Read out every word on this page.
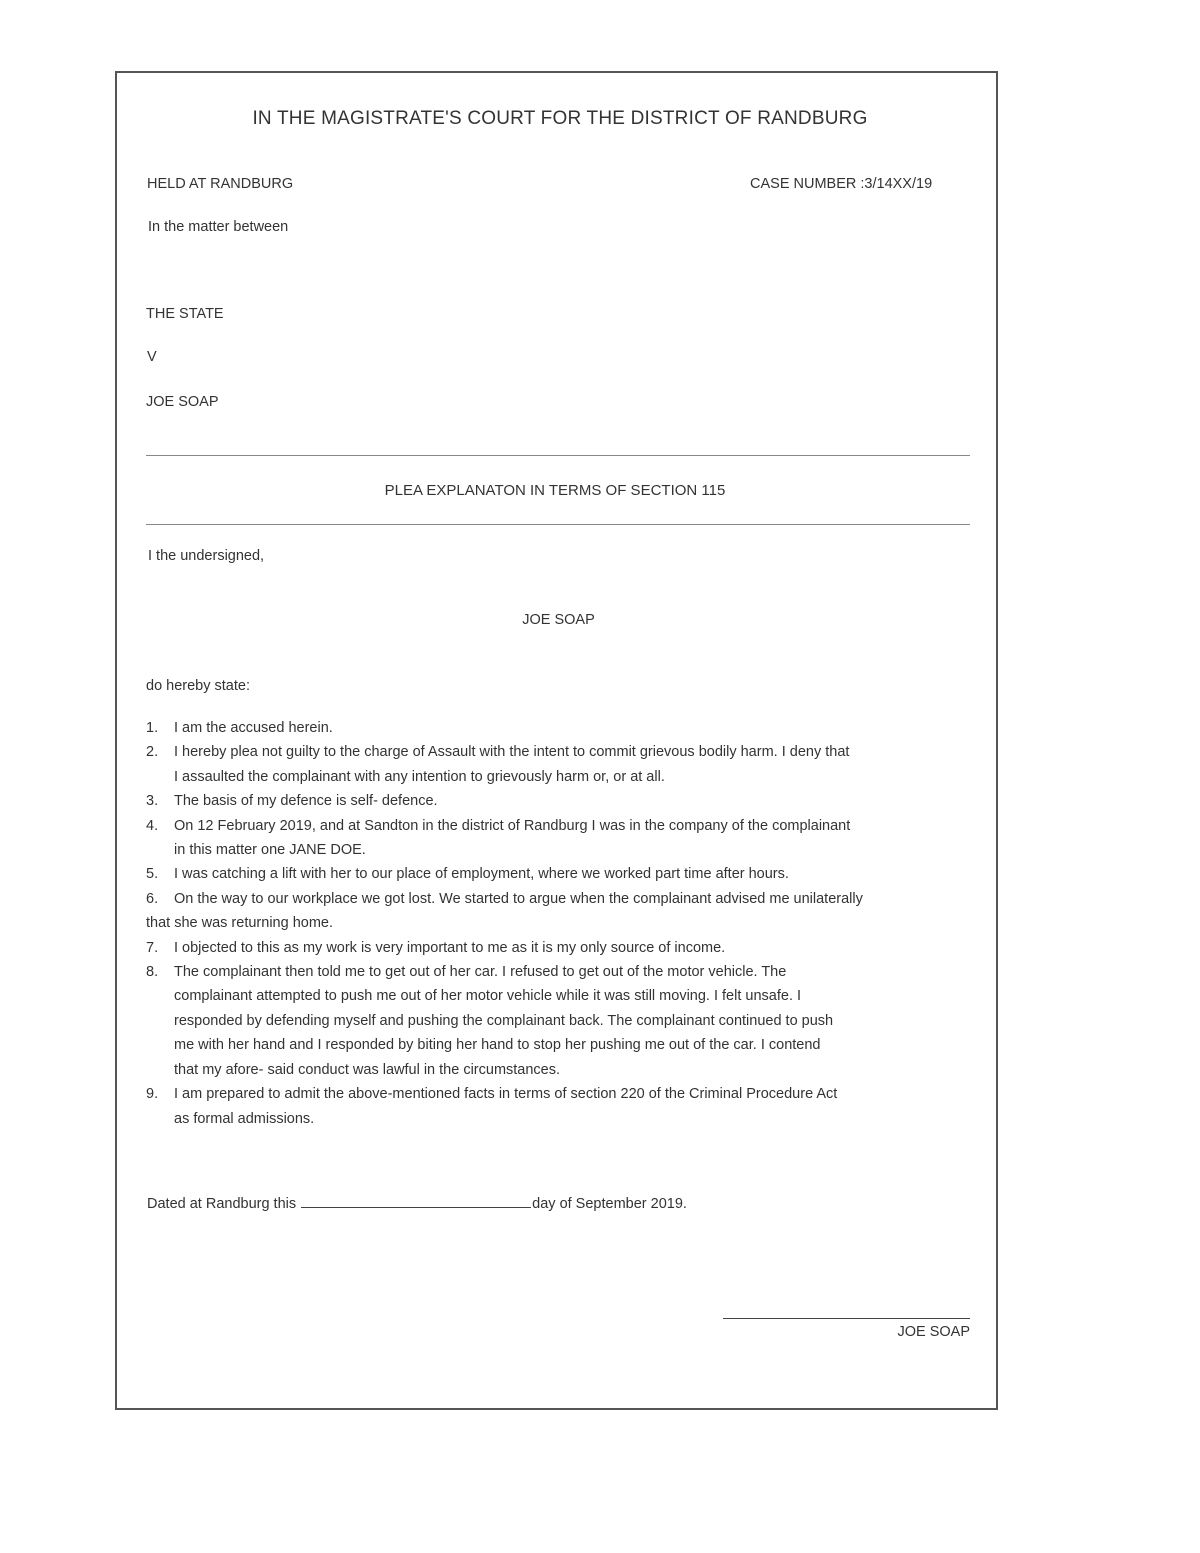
IN THE MAGISTRATE'S COURT FOR THE DISTRICT OF RANDBURG
HELD AT RANDBURG	CASE NUMBER :3/14XX/19
In the matter between
THE STATE
V
JOE SOAP
PLEA EXPLANATON IN TERMS OF SECTION 115
I the undersigned,
JOE SOAP
do hereby state:
1. I am the accused herein.
2. I hereby plea not guilty to the charge of Assault with the intent to commit grievous bodily harm. I deny that
I assaulted the complainant with any intention to grievously harm or, or at all.
3. The basis of my defence is self- defence.
4. On 12 February 2019, and at Sandton in the district of Randburg I was in the company of the complainant
in this matter one JANE DOE.
5. I was catching a lift with her to our place of employment, where we worked part time after hours.
6. On the way to our workplace we got lost. We started to argue when the complainant advised me unilaterally
that she was returning home.
7. I objected to this as my work is very important to me as it is my only source of income.
8. The complainant then told me to get out of her car. I refused to get out of the motor vehicle. The
complainant attempted to push me out of her motor vehicle while it was still moving. I felt unsafe. I
responded by defending myself and pushing the complainant back. The complainant continued to push
me with her hand and I responded by biting her hand to stop her pushing me out of the car. I contend
that my afore- said conduct was lawful in the circumstances.
9. I am prepared to admit the above-mentioned facts in terms of section 220 of the Criminal Procedure Act
as formal admissions.
Dated at Randburg this	day of September 2019.
JOE SOAP
